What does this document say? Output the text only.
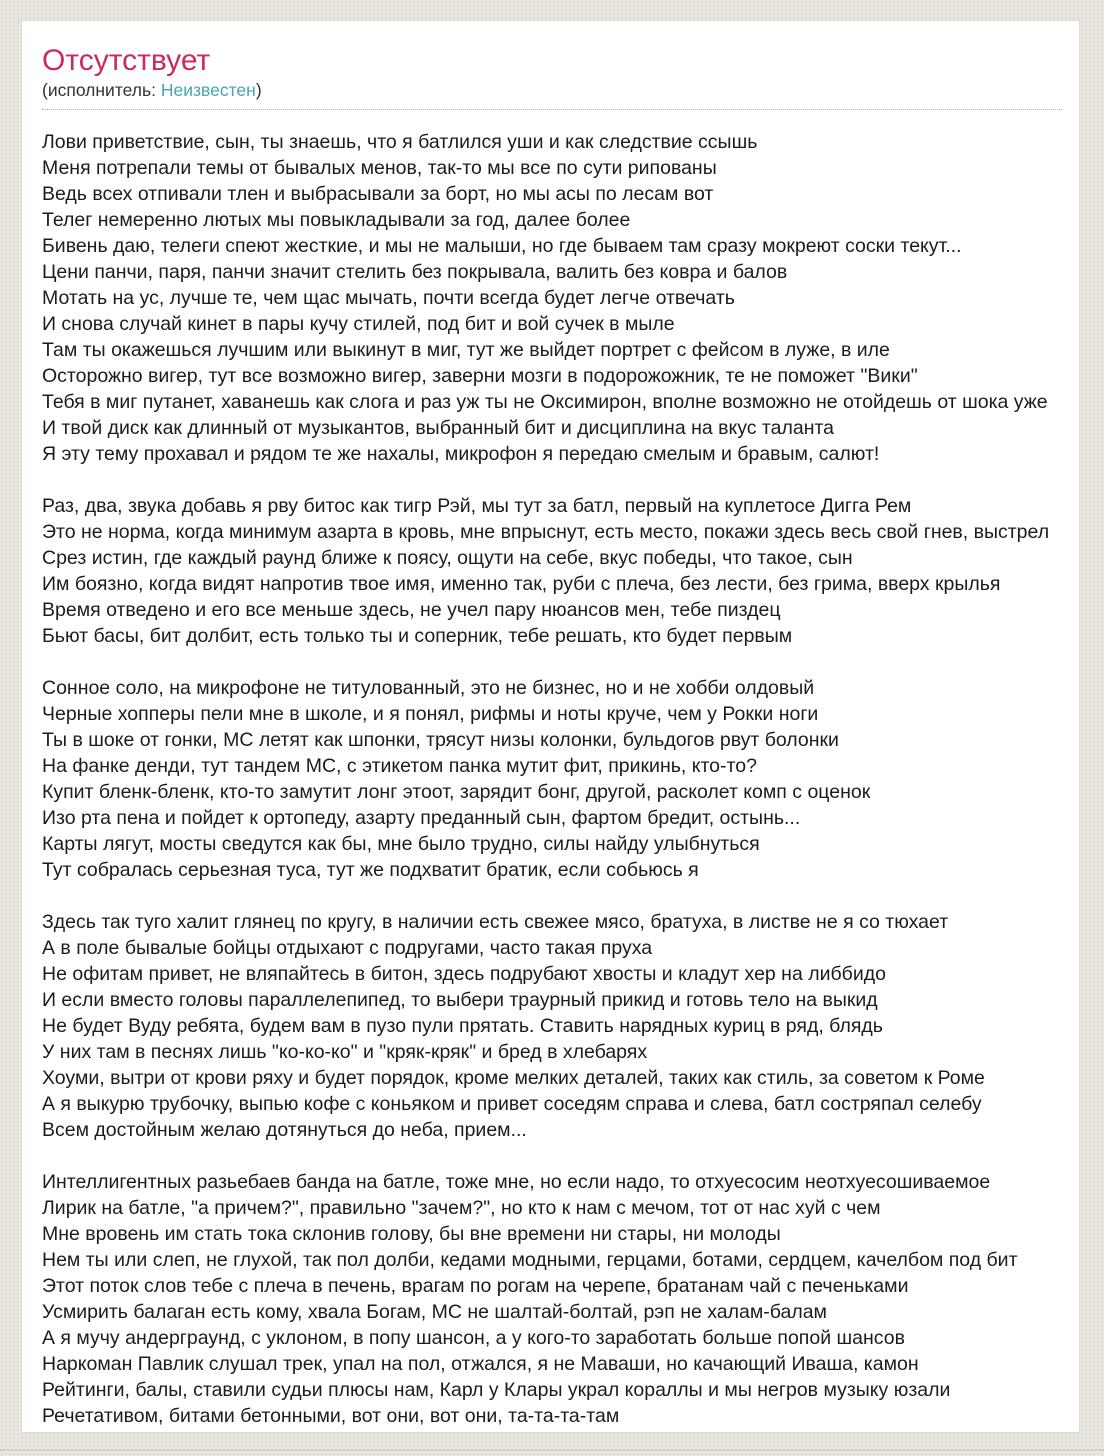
Отсутствует
(исполнитель: Неизвестен)
Лови приветствие, сын, ты знаешь, что я батлился уши и как следствие ссышь
Меня потрепали темы от бывалых менов, так-то мы все по сути рипованы
Ведь всех отпивали тлен и выбрасывали за борт, но мы асы по лесам вот
Телег немеренно лютых мы повыкладывали за год, далее более
Бивень даю, телеги спеют жесткие, и мы не малыши, но где бываем там сразу мокреют соски текут...
Цени панчи, паря, панчи значит стелить без покрывала, валить без ковра и балов
Мотать на ус, лучше те, чем щас мычать, почти всегда будет легче отвечать
И снова случай кинет в пары кучу стилей, под бит и вой сучек в мыле
Там ты окажешься лучшим или выкинут в миг, тут же выйдет портрет с фейсом в луже, в иле
Осторожно вигер, тут все возможно вигер, заверни мозги в подорожожник, те не поможет "Вики"
Тебя в миг путанет, хаванешь как слога и раз уж ты не Оксимирон, вполне возможно не отойдешь от шока уже
И твой диск как длинный от музыкантов, выбранный бит и дисциплина на вкус таланта
Я эту тему прохавал и рядом те же нахалы, микрофон я передаю смелым и бравым, салют!
Раз, два, звука добавь я рву битос как тигр Рэй, мы тут за батл, первый на куплетосе Дигга Рем
Это не норма, когда минимум азарта в кровь, мне впрыснут, есть место, покажи здесь весь свой гнев, выстрел
Срез истин, где каждый раунд ближе к поясу, ощути на себе, вкус победы, что такое, сын
Им боязно, когда видят напротив твое имя, именно так, руби с плеча, без лести, без грима, вверх крылья
Время отведено и его все меньше здесь, не учел пару нюансов мен, тебе пиздец
Бьют басы, бит долбит, есть только ты и соперник, тебе решать, кто будет первым
Сонное соло, на микрофоне не титулованный, это не бизнес, но и не хобби олдовый
Черные хопперы пели мне в школе, и я понял, рифмы и ноты круче, чем у Рокки ноги
Ты в шоке от гонки, МС летят как шпонки, трясут низы колонки, бульдогов рвут болонки
На фанке денди, тут тандем МС, с этикетом панка мутит фит, прикинь, кто-то?
Купит бленк-бленк, кто-то замутит лонг этоот, зарядит бонг, другой, расколет комп с оценок
Изо рта пена и пойдет к ортопеду, азарту преданный сын, фартом бредит, остынь...
Карты лягут, мосты сведутся как бы, мне было трудно, силы найду улыбнуться
Тут собралась серьезная туса, тут же подхватит братик, если собьюсь я
Здесь так туго халит глянец по кругу, в наличии есть свежее мясо, братуха, в листве не я со тюхает
А в поле бывалые бойцы отдыхают с подругами, часто такая пруха
Не офитам привет, не вляпайтесь в битон, здесь подрубают хвосты и кладут хер на либбидо
И если вместо головы параллелепипед, то выбери траурный прикид и готовь тело на выкид
Не будет Вуду ребята, будем вам в пузо пули прятать. Ставить нарядных куриц в ряд, блядь
У них там в песнях лишь "ко-ко-ко" и "кряк-кряк" и бред в хлебарях
Хоуми, вытри от крови ряху и будет порядок, кроме мелких деталей, таких как стиль, за советом к Роме
А я выкурю трубочку, выпью кофе с коньяком и привет соседям справа и слева, батл состряпал селебу
Всем достойным желаю дотянуться до неба, прием...
Интеллигентных разьебаев банда на батле, тоже мне, но если надо, то отхуесосим неотхуесошиваемое
Лирик на батле, "а причем?", правильно "зачем?", но кто к нам с мечом, тот от нас хуй с чем
Мне вровень им стать тока склонив голову, бы вне времени ни стары, ни молоды
Нем ты или слеп, не глухой, так пол долби, кедами модными, герцами, ботами, сердцем, качелбом под бит
Этот поток слов тебе с плеча в печень, врагам по рогам на черепе, братанам чай с печеньками
Усмирить балаган есть кому, хвала Богам, МС не шалтай-болтай, рэп не халам-балам
А я мучу андерграунд, с уклоном, в попу шансон, а у кого-то заработать больше попой шансов
Наркоман Павлик слушал трек, упал на пол, отжался, я не Маваши, но качающий Иваша, камон
Рейтинги, балы, ставили судьи плюсы нам, Карл у Клары украл кораллы и мы негров музыку юзали
Речетативом, битами бетонными, вот они, вот они, та-та-та-там
